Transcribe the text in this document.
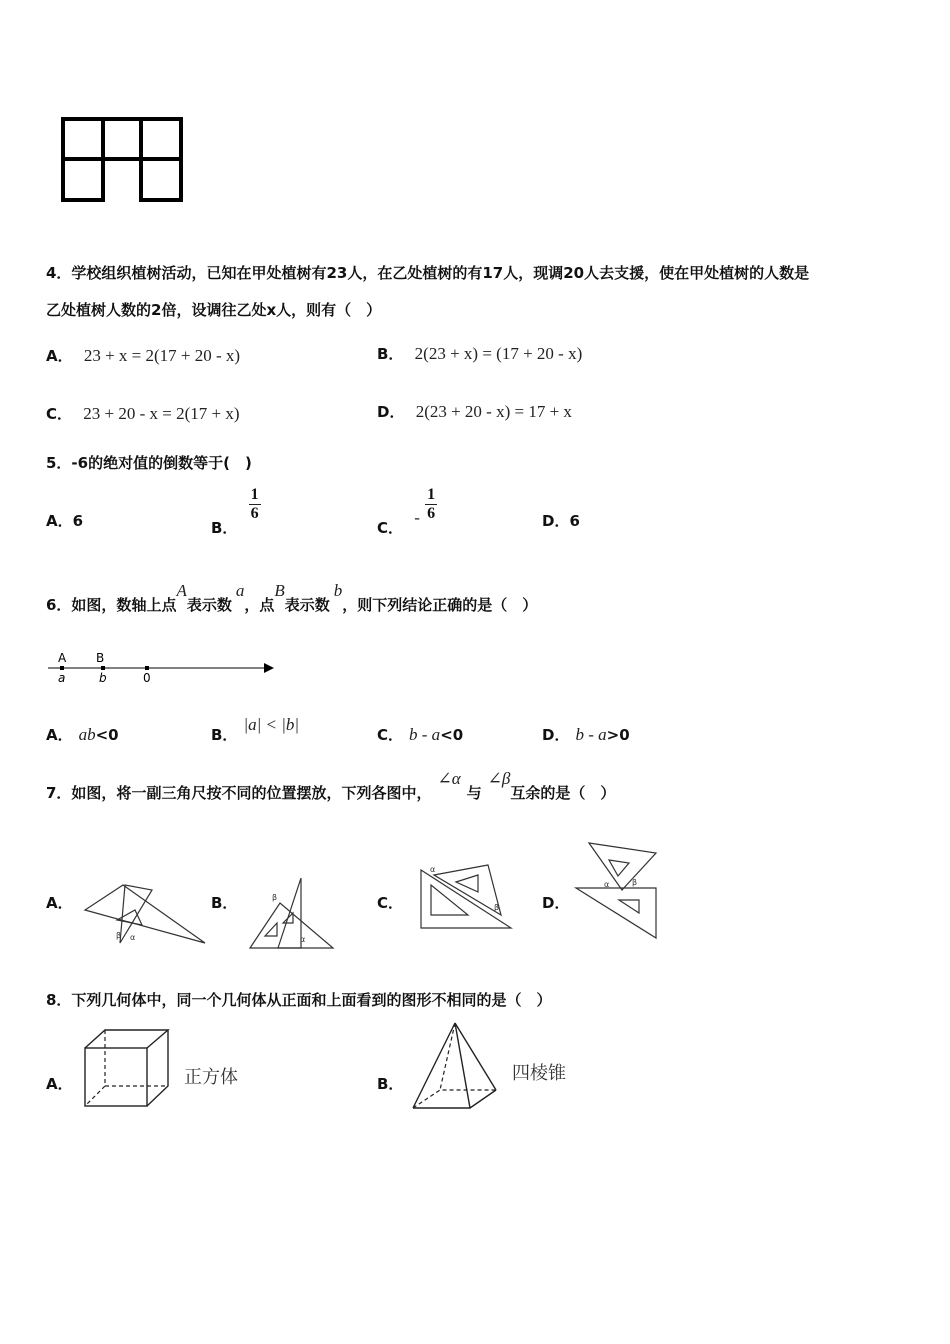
4．学校组织植树活动，已知在甲处植树有23人，在乙处植树的有17人，现调20人去支援，使在甲处植树的人数是
乙处植树人数的2倍，设调往乙处x人，则有（　）
A． 23 + x = 2(17 + 20 - x)	B． 2(23 + x) = (17 + 20 - x)
C． 23 + 20 - x = 2(17 + x)	D． 2(23 + 20 - x) = 17 + x
5．-6的绝对值的倒数等于(　)
A．6	B．
$\frac{1}{6}$
C． - $\frac{1}{6}$	D．6
6．如图，数轴上点A表示数a，点B表示数b，则下列结论正确的是（　）
A B
a	b	0
A． ab<0	B．|a| < |b|
C． b - a<0	D． b - a>0
7．如图，将一副三角尺按不同的位置摆放，下列各图中，∠α与∠β互余的是（　）
A．
β α
B．	β
α
C．
α
β	D．
α	β
8．下列几何体中，同一个几何体从正面和上面看到的图形不相同的是（　）
A．	正方体	B．
四棱锥
